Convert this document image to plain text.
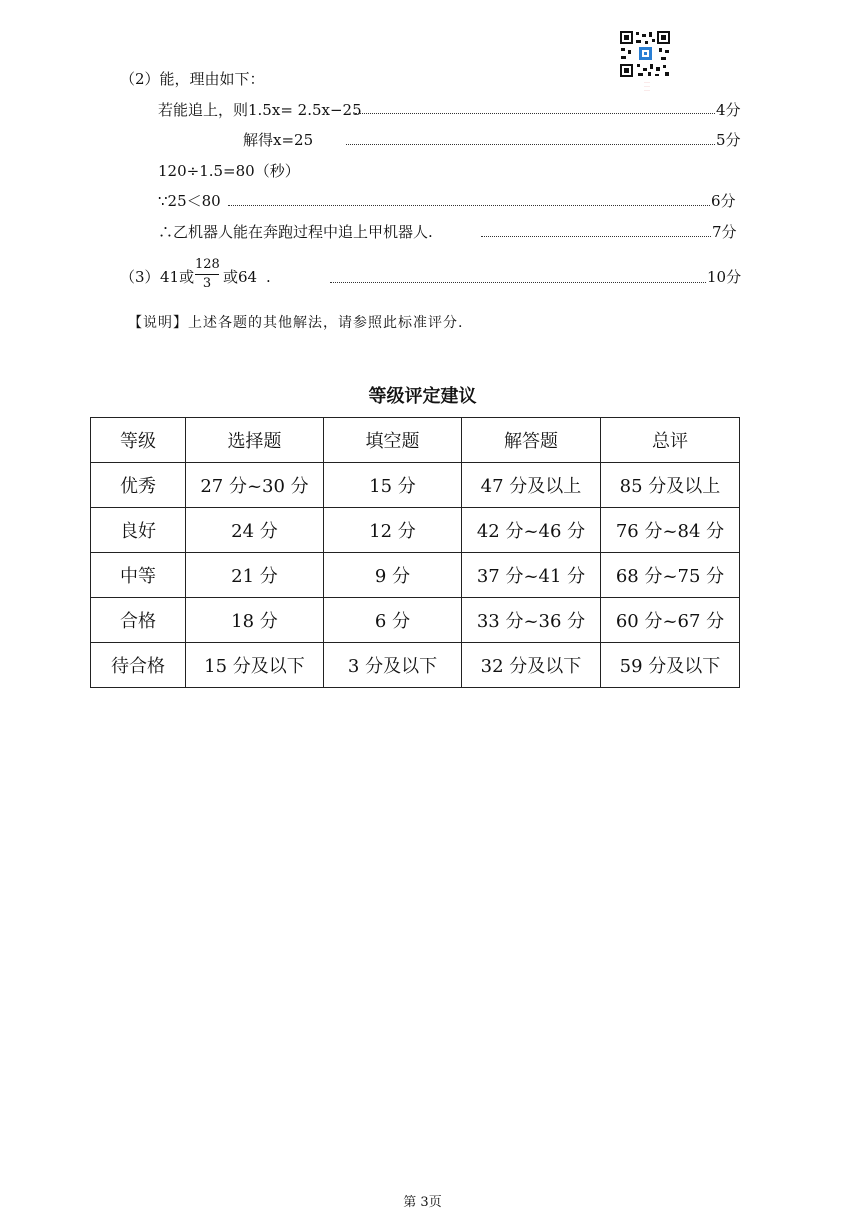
......
......
......
（2）能，理由如下：
若能追上，则1.5x= 2.5x−25	4分
解得x=25	5分
120÷1.5=80（秒）
∵25＜80	6分
∴乙机器人能在奔跑过程中追上甲机器人.	7分
（3） 41或
128
3 或64 .	10分
【说明】上述各题的其他解法，请参照此标准评分.
等级评定建议
等级	选择题	填空题	解答题	总评
优秀	27 分~30 分	15 分	47 分及以上	85 分及以上
良好	24 分	12 分	42 分~46 分	76 分~84 分
中等	21 分	9 分	37 分~41 分	68 分~75 分
合格	18 分	6 分	33 分~36 分	60 分~67 分
待合格	15 分及以下	3 分及以下	32 分及以下	59 分及以下
第 3页
